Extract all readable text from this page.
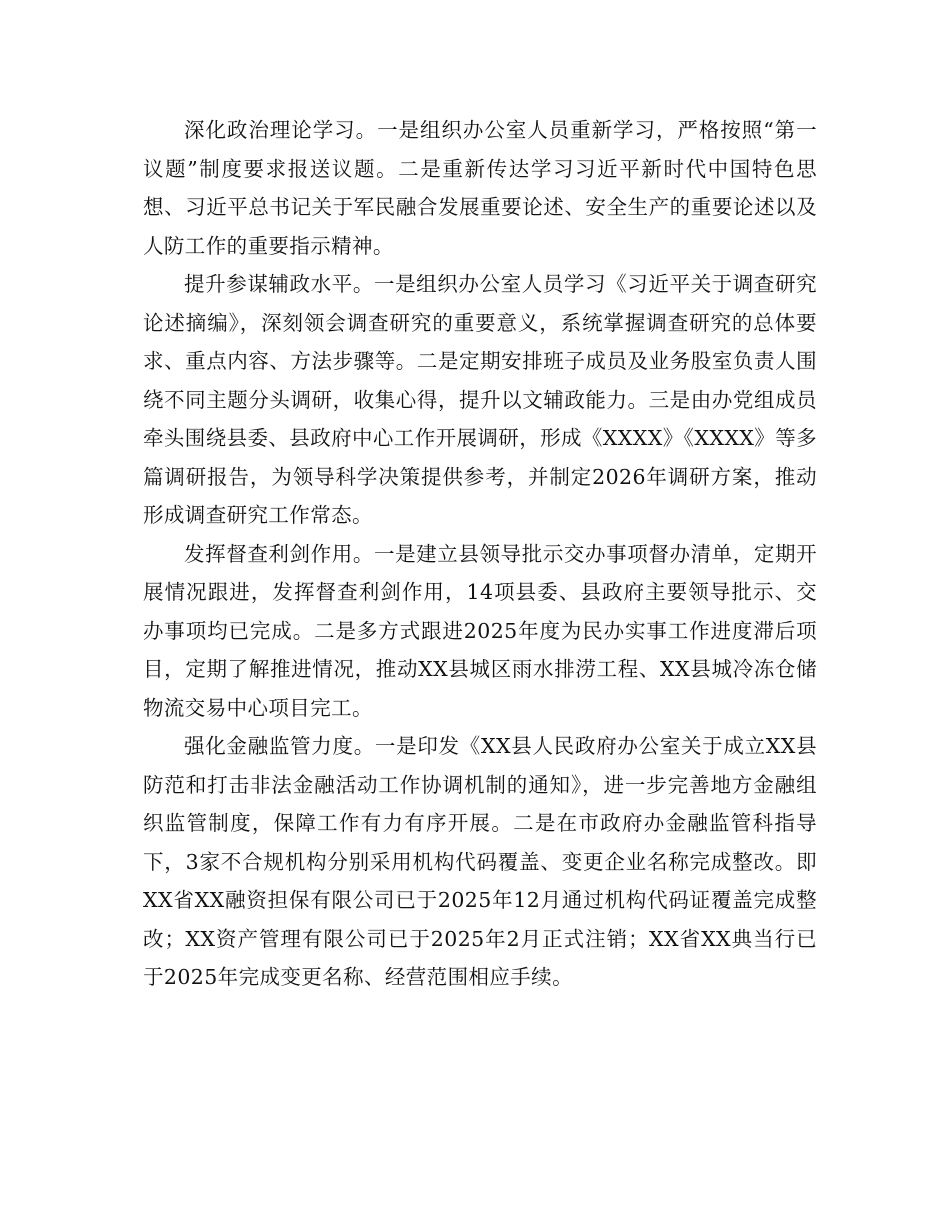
深化政治理论学习。一是组织办公室人员重新学习，严格按照“第一议题”制度要求报送议题。二是重新传达学习习近平新时代中国特色思想、习近平总书记关于军民融合发展重要论述、安全生产的重要论述以及人防工作的重要指示精神。

提升参谋辅政水平。一是组织办公室人员学习《习近平关于调查研究论述摘编》，深刻领会调查研究的重要意义，系统掌握调查研究的总体要求、重点内容、方法步骤等。二是定期安排班子成员及业务股室负责人围绕不同主题分头调研，收集心得，提升以文辅政能力。三是由办党组成员牵头围绕县委、县政府中心工作开展调研，形成《XXXX》《XXXX》等多篇调研报告，为领导科学决策提供参考，并制定2026年调研方案，推动形成调查研究工作常态。

发挥督查利剑作用。一是建立县领导批示交办事项督办清单，定期开展情况跟进，发挥督查利剑作用，14项县委、县政府主要领导批示、交办事项均已完成。二是多方式跟进2025年度为民办实事工作进度滞后项目，定期了解推进情况，推动XX县城区雨水排涝工程、XX县城冷冻仓储物流交易中心项目完工。

强化金融监管力度。一是印发《XX县人民政府办公室关于成立XX县防范和打击非法金融活动工作协调机制的通知》，进一步完善地方金融组织监管制度，保障工作有力有序开展。二是在市政府办金融监管科指导下，3家不合规机构分别采用机构代码覆盖、变更企业名称完成整改。即XX省XX融资担保有限公司已于2025年12月通过机构代码证覆盖完成整改；XX资产管理有限公司已于2025年2月正式注销；XX省XX典当行已于2025年完成变更名称、经营范围相应手续。
